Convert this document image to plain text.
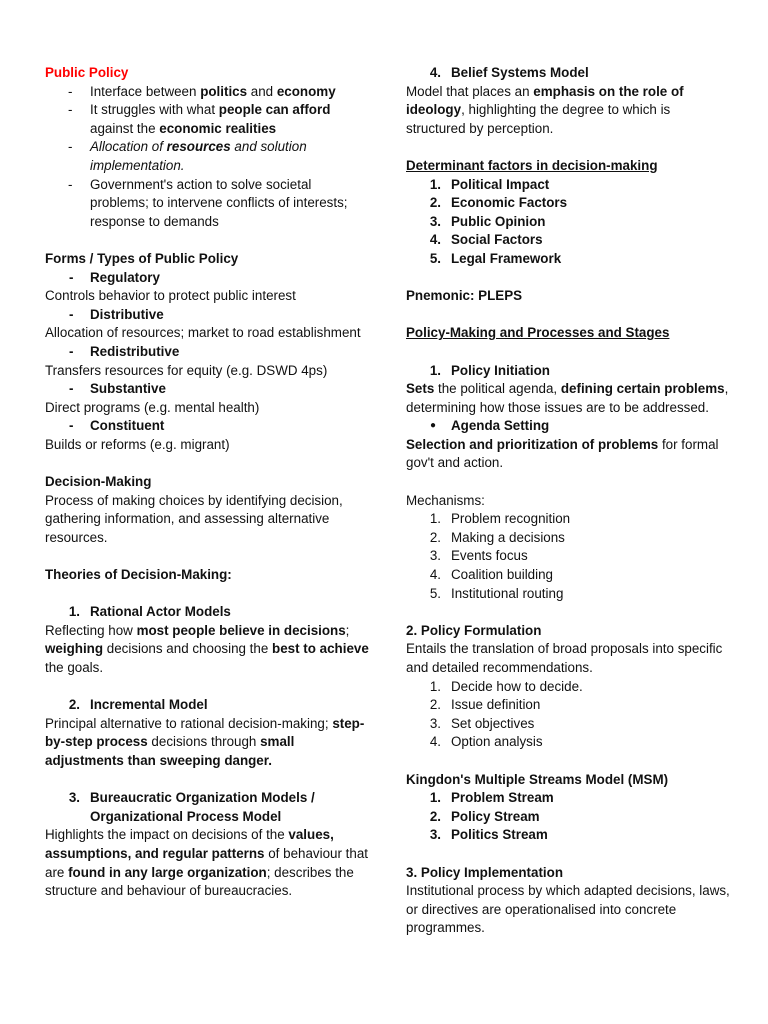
Public Policy

- Interface between politics and economy
- It struggles with what people can afford against the economic realities
- Allocation of resources and solution implementation.
- Government's action to solve societal problems; to intervene conflicts of interests; response to demands

Forms / Types of Public Policy

- Regulatory

Controls behavior to protect public interest

- Distributive

Allocation of resources; market to road establishment

- Redistributive

Transfers resources for equity (e.g. DSWD 4ps)

- Substantive

Direct programs (e.g. mental health)

- Constituent

Builds or reforms (e.g. migrant)

Decision-Making

Process of making choices by identifying decision, gathering information, and assessing alternative resources.

Theories of Decision-Making:

1. Rational Actor Models

Reflecting how most people believe in decisions; weighing decisions and choosing the best to achieve the goals.

2. Incremental Model

Principal alternative to rational decision-making; step-by-step process decisions through small adjustments than sweeping danger.

3. Bureaucratic Organization Models / Organizational Process Model

Highlights the impact on decisions of the values, assumptions, and regular patterns of behaviour that are found in any large organization; describes the structure and behaviour of bureaucracies.

4. Belief Systems Model

Model that places an emphasis on the role of ideology, highlighting the degree to which is structured by perception.

Determinant factors in decision-making

1. Political Impact
2. Economic Factors
3. Public Opinion
4. Social Factors
5. Legal Framework

Pnemonic: PLEPS

Policy-Making and Processes and Stages

1. Policy Initiation

Sets the political agenda, defining certain problems, determining how those issues are to be addressed.

● Agenda Setting

Selection and prioritization of problems for formal gov't and action.

Mechanisms:

1. Problem recognition
2. Making a decisions
3. Events focus
4. Coalition building
5. Institutional routing

2. Policy Formulation

Entails the translation of broad proposals into specific and detailed recommendations.

1. Decide how to decide.
2. Issue definition
3. Set objectives
4. Option analysis

Kingdon's Multiple Streams Model (MSM)

1. Problem Stream
2. Policy Stream
3. Politics Stream

3. Policy Implementation

Institutional process by which adapted decisions, laws, or directives are operationalised into concrete programmes.
